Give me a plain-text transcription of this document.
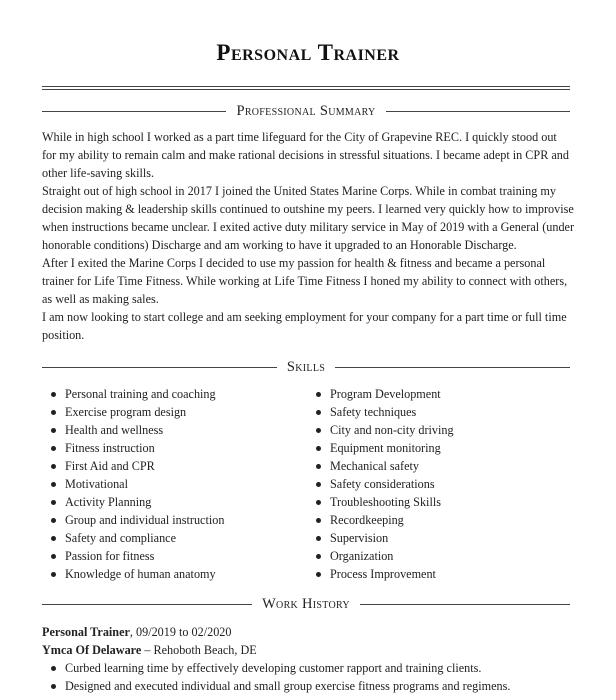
Personal Trainer
Professional Summary

While in high school I worked as a part time lifeguard for the City of Grapevine REC. I quickly stood out for my ability to remain calm and make rational decisions in stressful situations. I became adept in CPR and other life-saving skills.

Straight out of high school in 2017 I joined the United States Marine Corps. While in combat training my decision making & leadership skills continued to outshine my peers. I learned very quickly how to improvise when instructions became unclear. I exited active duty military service in May of 2019 with a General (under honorable conditions) Discharge and am working to have it upgraded to an Honorable Discharge.

After I exited the Marine Corps I decided to use my passion for health & fitness and became a personal trainer for Life Time Fitness. While working at Life Time Fitness I honed my ability to connect with others, as well as making sales.

I am now looking to start college and am seeking employment for your company for a part time or full time position.

Skills
Personal training and coaching
Exercise program design
Health and wellness
Fitness instruction
First Aid and CPR
Motivational
Activity Planning
Group and individual instruction
Safety and compliance
Passion for fitness
Knowledge of human anatomy
Program Development
Safety techniques
City and non-city driving
Equipment monitoring
Mechanical safety
Safety considerations
Troubleshooting Skills
Recordkeeping
Supervision
Organization
Process Improvement
Work History
Personal Trainer, 09/2019 to 02/2020
Ymca Of Delaware – Rehoboth Beach, DE
Curbed learning time by effectively developing customer rapport and training clients.
Designed and executed individual and small group exercise fitness programs and regimens.
